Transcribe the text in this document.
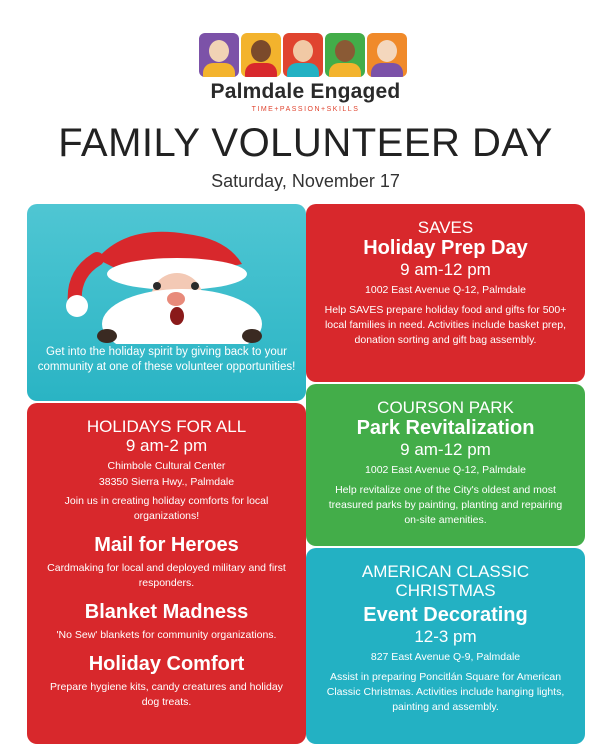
Palmdale Engaged
TIME+PASSION+SKILLS
FAMILY VOLUNTEER DAY
Saturday, November 17
Get into the holiday spirit by giving back to your community at one of these volunteer opportunities!
SAVES
Holiday Prep Day
9 am-12 pm
1002 East Avenue Q-12, Palmdale
Help SAVES prepare holiday food and gifts for 500+ local families in need. Activities include basket prep, donation sorting and gift bag assembly.
COURSON PARK
Park Revitalization
9 am-12 pm
1002 East Avenue Q-12, Palmdale
Help revitalize one of the City's oldest and most treasured parks by painting, planting and repairing on-site amenities.
AMERICAN CLASSIC CHRISTMAS
Event Decorating
12-3 pm
827 East Avenue Q-9, Palmdale
Assist in preparing Poncitlán Square for American Classic Christmas. Activities include hanging lights, painting and assembly.
HOLIDAYS FOR ALL
9 am-2 pm
Chimbole Cultural Center
38350 Sierra Hwy., Palmdale
Join us in creating holiday comforts for local organizations!
Mail for Heroes
Cardmaking for local and deployed military and first responders.
Blanket Madness
'No Sew' blankets for community organizations.
Holiday Comfort
Prepare hygiene kits, candy creatures and holiday dog treats.
